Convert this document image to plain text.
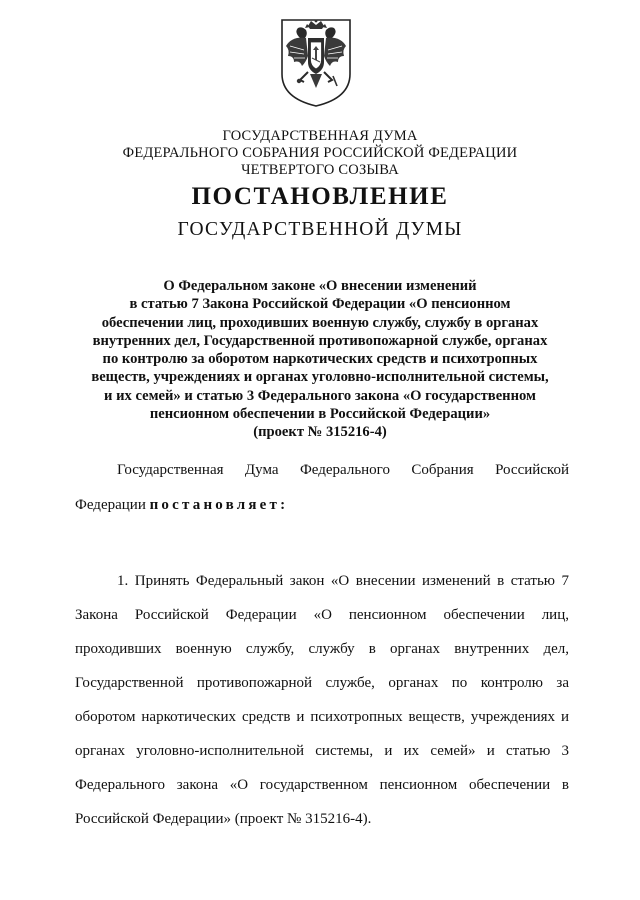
ГОСУДАРСТВЕННАЯ ДУМА
ФЕДЕРАЛЬНОГО СОБРАНИЯ РОССИЙСКОЙ ФЕДЕРАЦИИ
ЧЕТВЕРТОГО СОЗЫВА
ПОСТАНОВЛЕНИЕ
ГОСУДАРСТВЕННОЙ ДУМЫ
О Федеральном законе «О внесении изменений
в статью 7 Закона Российской Федерации «О пенсионном
обеспечении лиц, проходивших военную службу, службу в органах
внутренних дел, Государственной противопожарной службе, органах
по контролю за оборотом наркотических средств и психотропных
веществ, учреждениях и органах уголовно-исполнительной системы,
и их семей» и статью 3 Федерального закона «О государственном
пенсионном обеспечении в Российской Федерации»
(проект № 315216-4)
Государственная Дума Федерального Собрания Российской
Федерации постановляет:
1. Принять Федеральный закон «О внесении изменений в статью 7
Закона Российской Федерации «О пенсионном обеспечении лиц,
проходивших военную службу, службу в органах внутренних дел,
Государственной противопожарной службе, органах по контролю за
оборотом наркотических средств и психотропных веществ, учреждениях и
органах уголовно-исполнительной системы, и их семей» и статью 3
Федерального закона «О государственном пенсионном обеспечении в
Российской Федерации» (проект № 315216-4).
